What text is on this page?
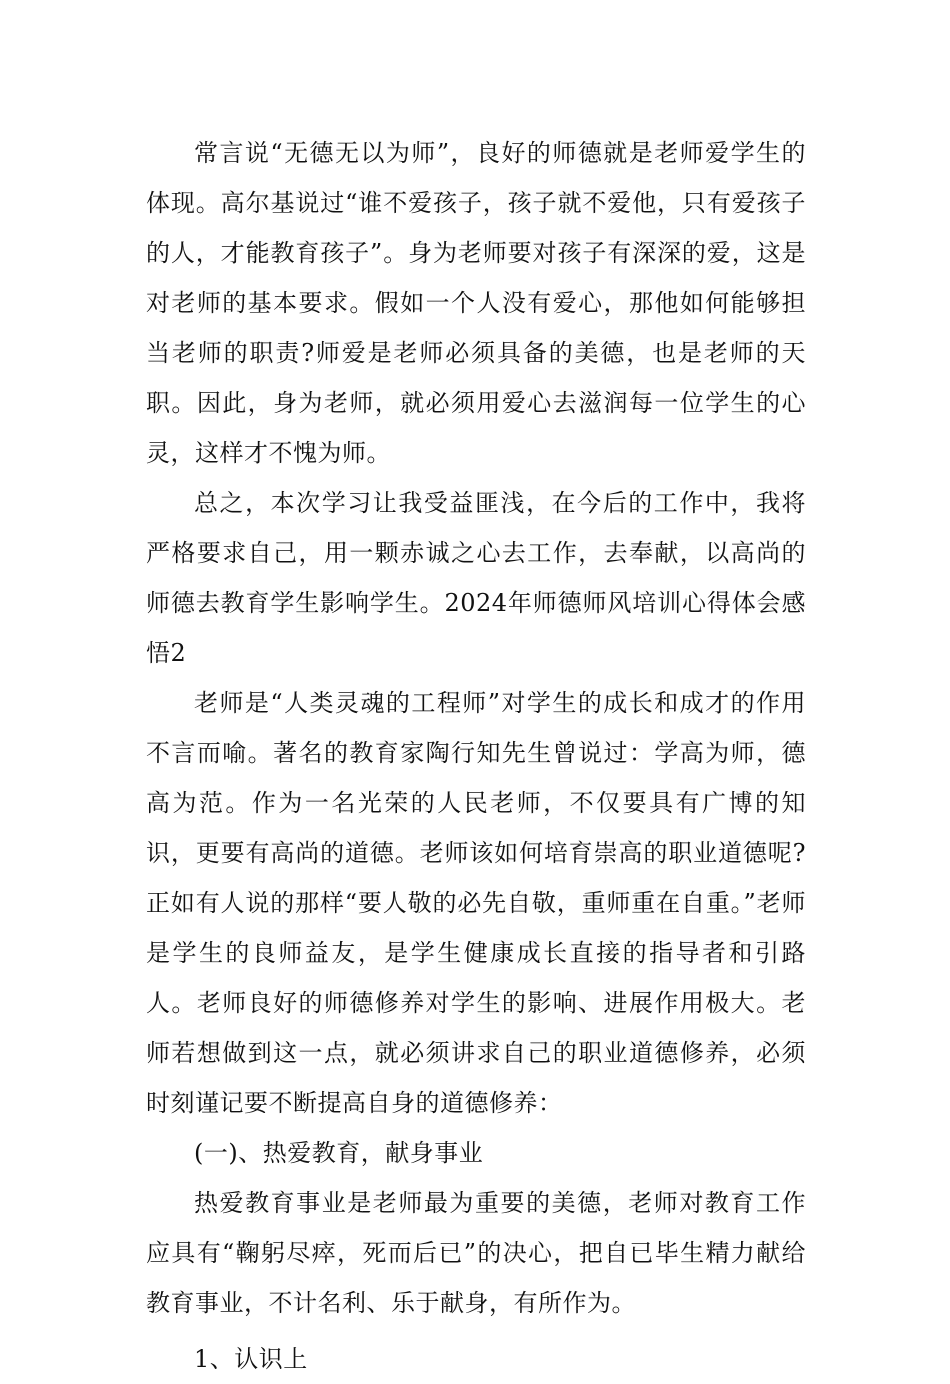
常言说“无德无以为师”，良好的师德就是老师爱学生的体现。高尔基说过“谁不爱孩子，孩子就不爱他，只有爱孩子的人，才能教育孩子”。身为老师要对孩子有深深的爱，这是对老师的基本要求。假如一个人没有爱心，那他如何能够担当老师的职责?师爱是老师必须具备的美德，也是老师的天职。因此，身为老师，就必须用爱心去滋润每一位学生的心灵，这样才不愧为师。

总之，本次学习让我受益匪浅，在今后的工作中，我将严格要求自己，用一颗赤诚之心去工作，去奉献，以高尚的师德去教育学生影响学生。2024年师德师风培训心得体会感悟2

老师是“人类灵魂的工程师”对学生的成长和成才的作用不言而喻。著名的教育家陶行知先生曾说过：学高为师，德高为范。作为一名光荣的人民老师，不仅要具有广博的知识，更要有高尚的道德。老师该如何培育崇高的职业道德呢?正如有人说的那样“要人敬的必先自敬，重师重在自重。”老师是学生的良师益友，是学生健康成长直接的指导者和引路人。老师良好的师德修养对学生的影响、进展作用极大。老师若想做到这一点，就必须讲求自己的职业道德修养，必须时刻谨记要不断提高自身的道德修养：

(一)、热爱教育，献身事业

热爱教育事业是老师最为重要的美德，老师对教育工作应具有“鞠躬尽瘁，死而后已”的决心，把自已毕生精力献给教育事业，不计名利、乐于献身，有所作为。

1、认识上
